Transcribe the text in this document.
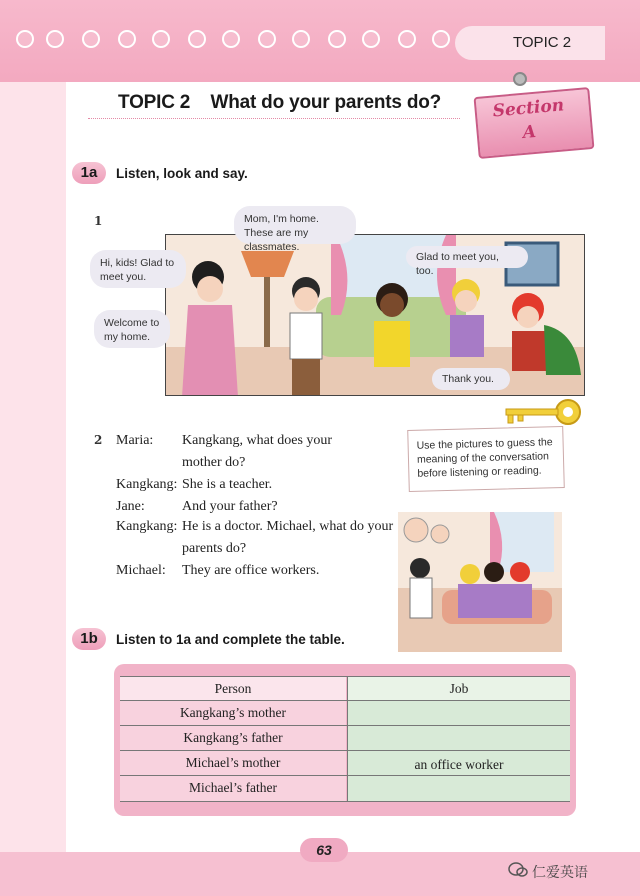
TOPIC 2
TOPIC 2    What do your parents do?	Section
A
1a	Listen, look and say.
1	Mom, I'm home. These are my classmates.
Hi, kids! Glad to meet you.
Glad to meet you, too.
Welcome to my home.
Thank you.
2 Maria: Kangkang, what does your
mother do?
Kangkang: She is a teacher.
Jane:	And your father?
Kangkang: He is a doctor. Michael, what do your
parents do?
Michael: They are office workers.
Use the pictures to guess the meaning of the conversation before listening or reading.
1b	Listen to 1a and complete the table.
Person	Job
Kangkang’s mother
Kangkang’s father
Michael’s mother	an office worker
Michael’s father
63
仁爱英语
